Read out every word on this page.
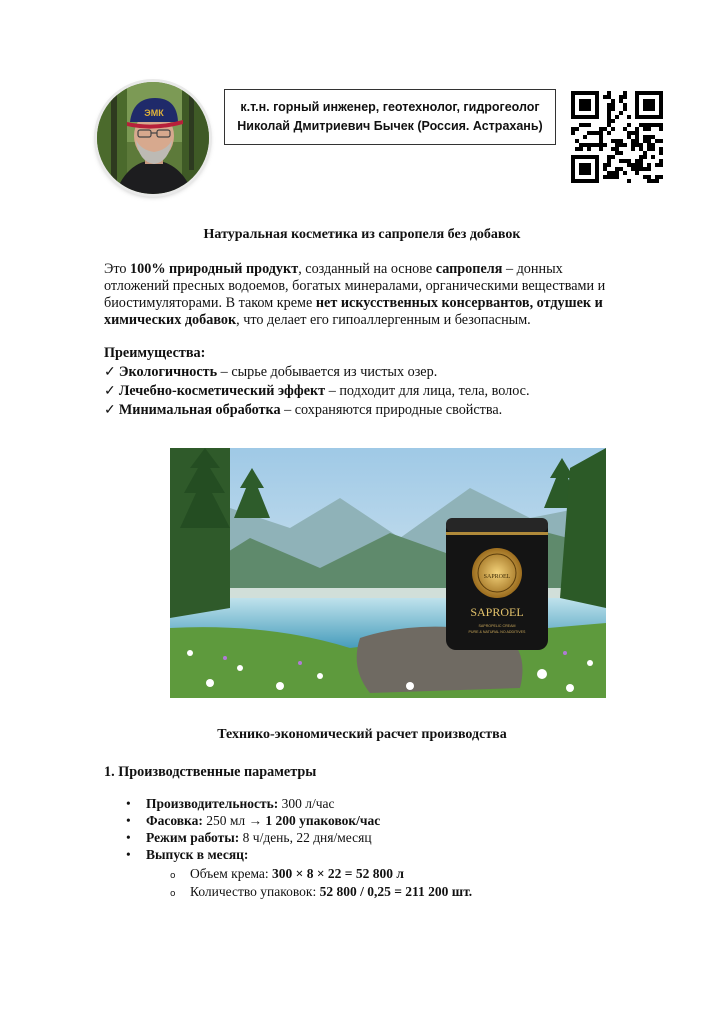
ЭМК	к.т.н. горный инженер, геотехнолог, гидрогеолог
Николай Дмитриевич Бычек (Россия. Астрахань)
Натуральная косметика из сапропеля без добавок
Это 100% природный продукт, созданный на основе сапропеля – донных отложений пресных водоемов, богатых минералами, органическими веществами и биостимуляторами. В таком креме нет искусственных консервантов, отдушек и химических добавок, что делает его гипоаллергенным и безопасным.
Преимущества:
✓ Экологичность – сырье добывается из чистых озер.
✓ Лечебно-косметический эффект – подходит для лица, тела, волос.
✓ Минимальная обработка – сохраняются природные свойства.
SAPROEL
SAPROEL
SAPROPELIC CREAM
PURE & NATURAL NO ADDITIVES
Технико-экономический расчет производства
1. Производственные параметры
• Производительность: 300 л/час
• Фасовка: 250 мл → 1 200 упаковок/час
• Режим работы: 8 ч/день, 22 дня/месяц
• Выпуск в месяц:
o Объем крема: 300 × 8 × 22 = 52 800 л
o Количество упаковок: 52 800 / 0,25 = 211 200 шт.
